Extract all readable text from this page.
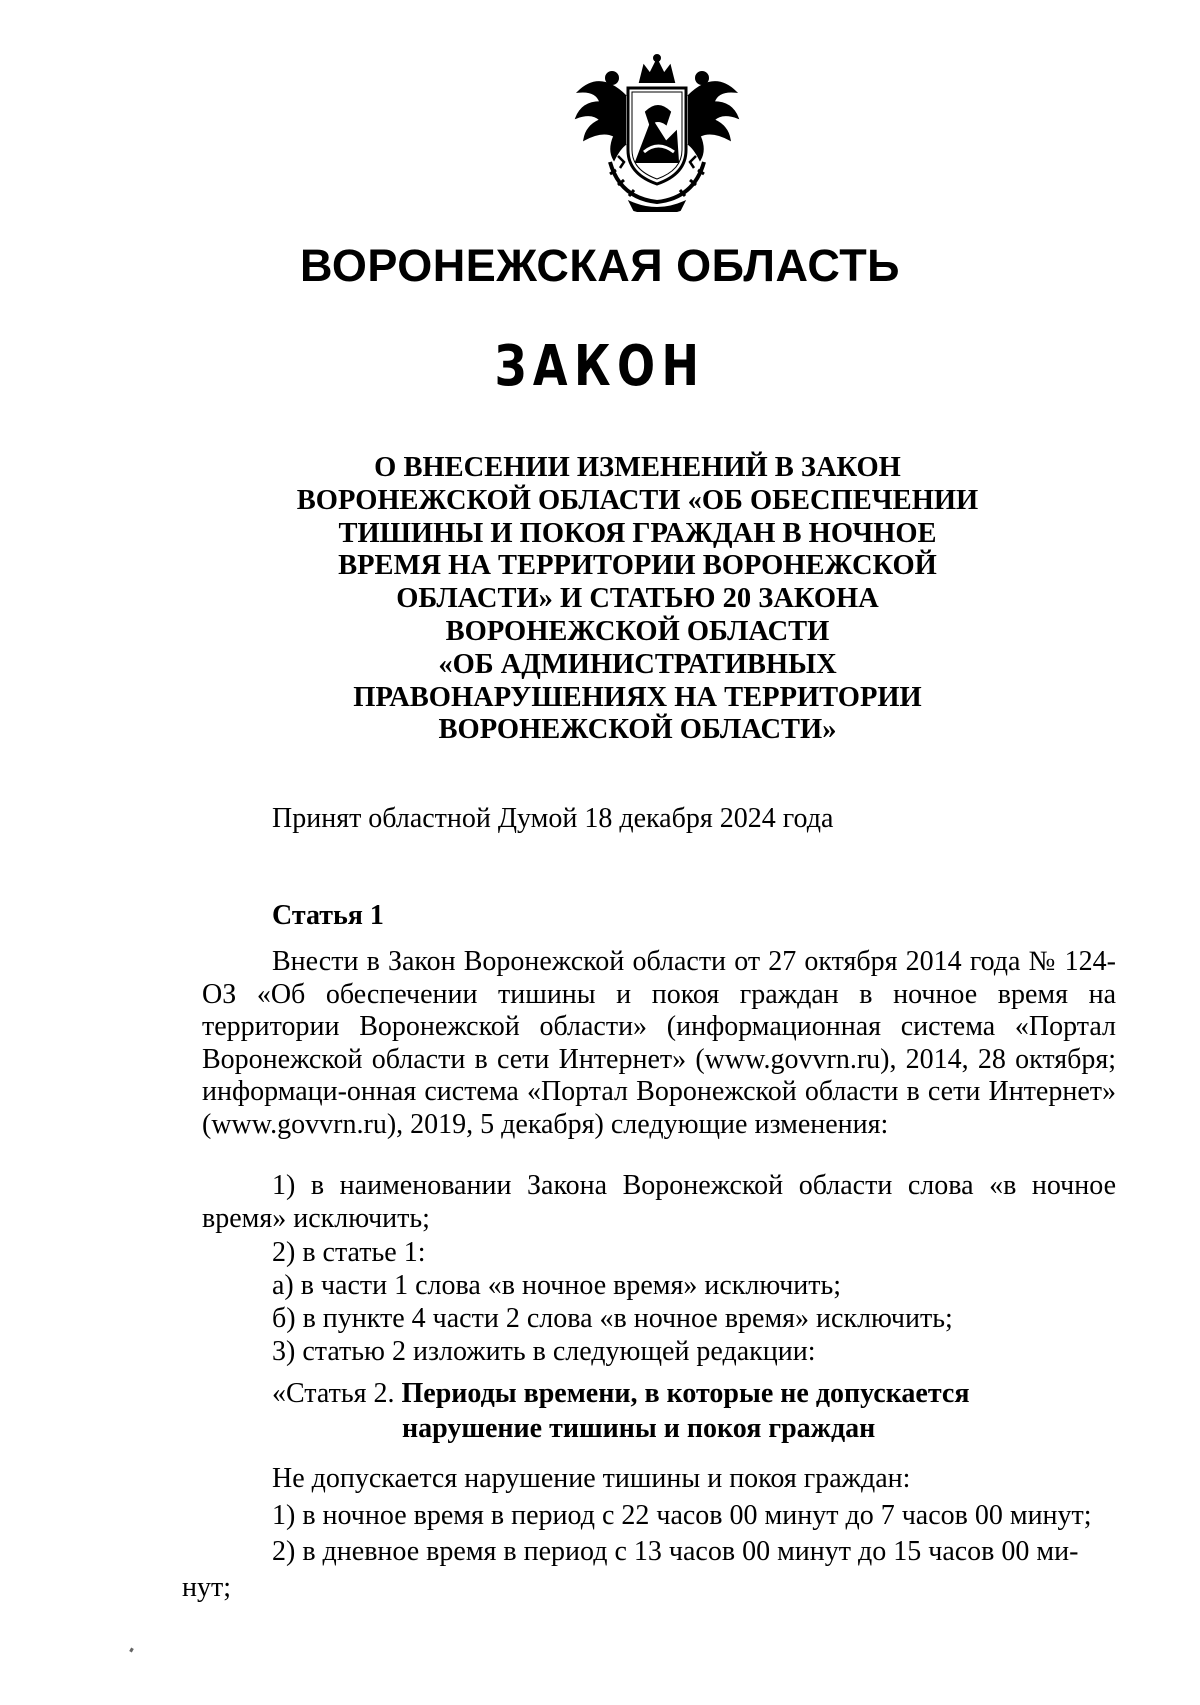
ВОРОНЕЖСКАЯ ОБЛАСТЬ
ЗАКОН
О ВНЕСЕНИИ ИЗМЕНЕНИЙ В ЗАКОН
ВОРОНЕЖСКОЙ ОБЛАСТИ «ОБ ОБЕСПЕЧЕНИИ
ТИШИНЫ И ПОКОЯ ГРАЖДАН В НОЧНОЕ
ВРЕМЯ НА ТЕРРИТОРИИ ВОРОНЕЖСКОЙ
ОБЛАСТИ» И СТАТЬЮ 20 ЗАКОНА
ВОРОНЕЖСКОЙ ОБЛАСТИ
«ОБ АДМИНИСТРАТИВНЫХ
ПРАВОНАРУШЕНИЯХ НА ТЕРРИТОРИИ
ВОРОНЕЖСКОЙ ОБЛАСТИ»
Принят областной Думой 18 декабря 2024 года
Статья 1
Внести в Закон Воронежской области от 27 октября 2014 года № 124-ОЗ «Об обеспечении тишины и покоя граждан в ночное время на территории Воронежской области» (информационная система «Портал Воронежской области в сети Интернет» (www.govvrn.ru), 2014, 28 октября; информаци-онная система «Портал Воронежской области в сети Интернет» (www.govvrn.ru), 2019, 5 декабря) следующие изменения:
1) в наименовании Закона Воронежской области слова «в ночное время» исключить;
2) в статье 1:
а) в части 1 слова «в ночное время» исключить;
б) в пункте 4 части 2 слова «в ночное время» исключить;
3) статью 2 изложить в следующей редакции:
«Статья 2. Периоды времени, в которые не допускается
нарушение тишины и покоя граждан
Не допускается нарушение тишины и покоя граждан:
1) в ночное время в период с 22 часов 00 минут до 7 часов 00 минут;
2) в дневное время в период с 13 часов 00 минут до 15 часов 00 ми-
нут;
